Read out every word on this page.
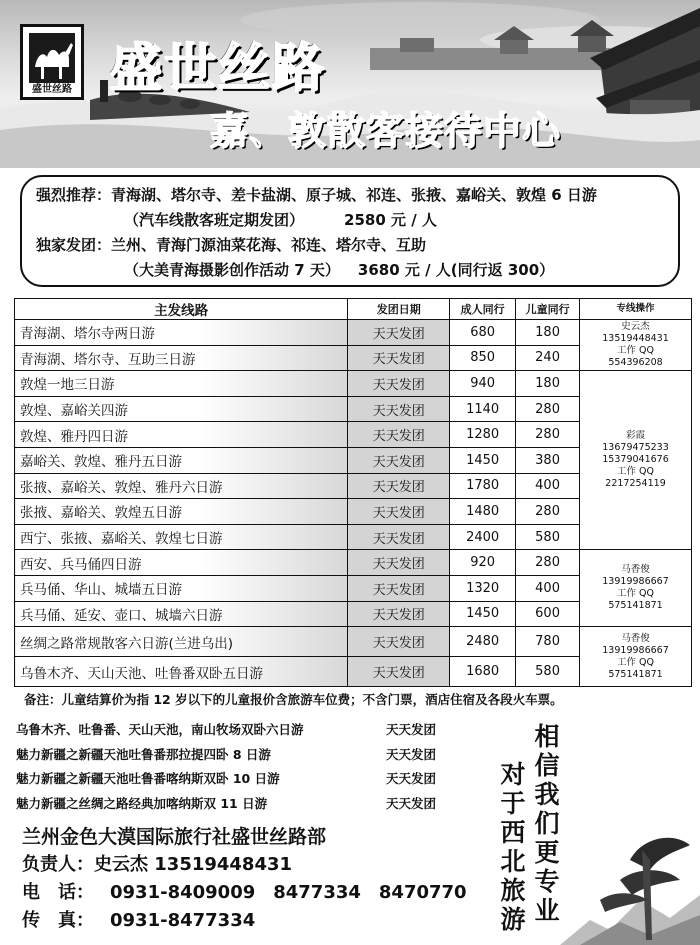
盛世丝路 盛世丝路
嘉、敦散客接待中心
强烈推荐：青海湖、塔尔寺、差卡盐湖、原子城、祁连、张掖、嘉峪关、敦煌 6 日游
（汽车线散客班定期发团）	2580 元 / 人
独家发团：兰州、青海门源油菜花海、祁连、塔尔寺、互助
（大美青海摄影创作活动 7 天） 3680 元 / 人(同行返 300）
主发线路	发团日期	成人同行	儿童同行	专线操作
青海湖、塔尔寺两日游	天天发团	680	180	史云杰
13519448431
工作 QQ
554396208

青海湖、塔尔寺、互助三日游	天天发团	850	240	
敦煌一地三日游	天天发团	940	180	彩霞
13679475233
15379041676
工作 QQ
2217254119

敦煌、嘉峪关四游	天天发团	1140	280	
敦煌、雅丹四日游	天天发团	1280	280	
嘉峪关、敦煌、雅丹五日游	天天发团	1450	380	
张掖、嘉峪关、敦煌、雅丹六日游	天天发团	1780	400	
张掖、嘉峪关、敦煌五日游	天天发团	1480	280	
西宁、张掖、嘉峪关、敦煌七日游	天天发团	2400	580	
西安、兵马俑四日游	天天发团	920	280	马香俊
13919986667
工作 QQ
575141871

兵马俑、华山、城墙五日游	天天发团	1320	400	
兵马俑、延安、壶口、城墙六日游	天天发团	1450	600	
丝绸之路常规散客六日游(兰进乌出)	天天发团	2480	780	马香俊
13919986667
工作 QQ
575141871

乌鲁木齐、天山天池、吐鲁番双卧五日游	天天发团	1680	580	
备注：儿童结算价为指 12 岁以下的儿童报价含旅游车位费；不含门票，酒店住宿及各段火车票。
乌鲁木齐、吐鲁番、天山天池，南山牧场双卧六日游	天天发团
魅力新疆之新疆天池吐鲁番那拉提四卧 8 日游	天天发团
魅力新疆之新疆天池吐鲁番喀纳斯双卧 10 日游	天天发团
魅力新疆之丝绸之路经典加喀纳斯双 11 日游	天天发团
相信我们更专业
对于西北旅游
兰州金色大漠国际旅行社盛世丝路部
负责人：史云杰 13519448431
电　话： 0931-8409009　8477334　8470770
传　真： 0931-8477334
